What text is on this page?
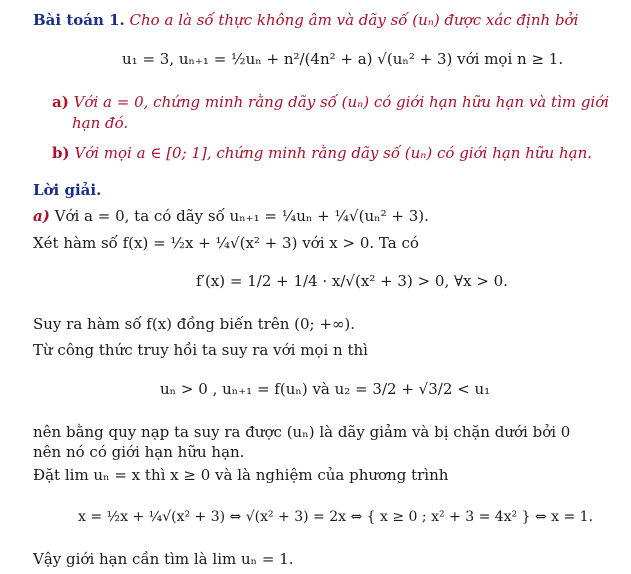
Bài toán 1. Cho a là số thực không âm và dãy số (uₙ) được xác định bởi
u₁ = 3, uₙ₊₁ = ½uₙ + n²/(4n² + a) √(uₙ² + 3) với mọi n ≥ 1.
a) Với a = 0, chứng minh rằng dãy số (uₙ) có giới hạn hữu hạn và tìm giới
hạn đó.
b) Với mọi a ∈ [0; 1], chứng minh rằng dãy số (uₙ) có giới hạn hữu hạn.
Lời giải.
a) Với a = 0, ta có dãy số uₙ₊₁ = ¼uₙ + ¼√(uₙ² + 3).
Xét hàm số f(x) = ½x + ¼√(x² + 3) với x > 0. Ta có
f′(x) = 1/2 + 1/4 · x/√(x² + 3) > 0, ∀x > 0.
Suy ra hàm số f(x) đồng biến trên (0; +∞).
Từ công thức truy hồi ta suy ra với mọi n thì
uₙ > 0 , uₙ₊₁ = f(uₙ) và u₂ = 3/2 + √3/2 < u₁
nên bằng quy nạp ta suy ra được (uₙ) là dãy giảm và bị chặn dưới bởi 0
nên nó có giới hạn hữu hạn.
Đặt lim uₙ = x thì x ≥ 0 và là nghiệm của phương trình
x = ½x + ¼√(x² + 3) ⇔ √(x² + 3) = 2x ⇔ { x ≥ 0 ; x² + 3 = 4x² } ⇔ x = 1.
Vậy giới hạn cần tìm là lim uₙ = 1.
